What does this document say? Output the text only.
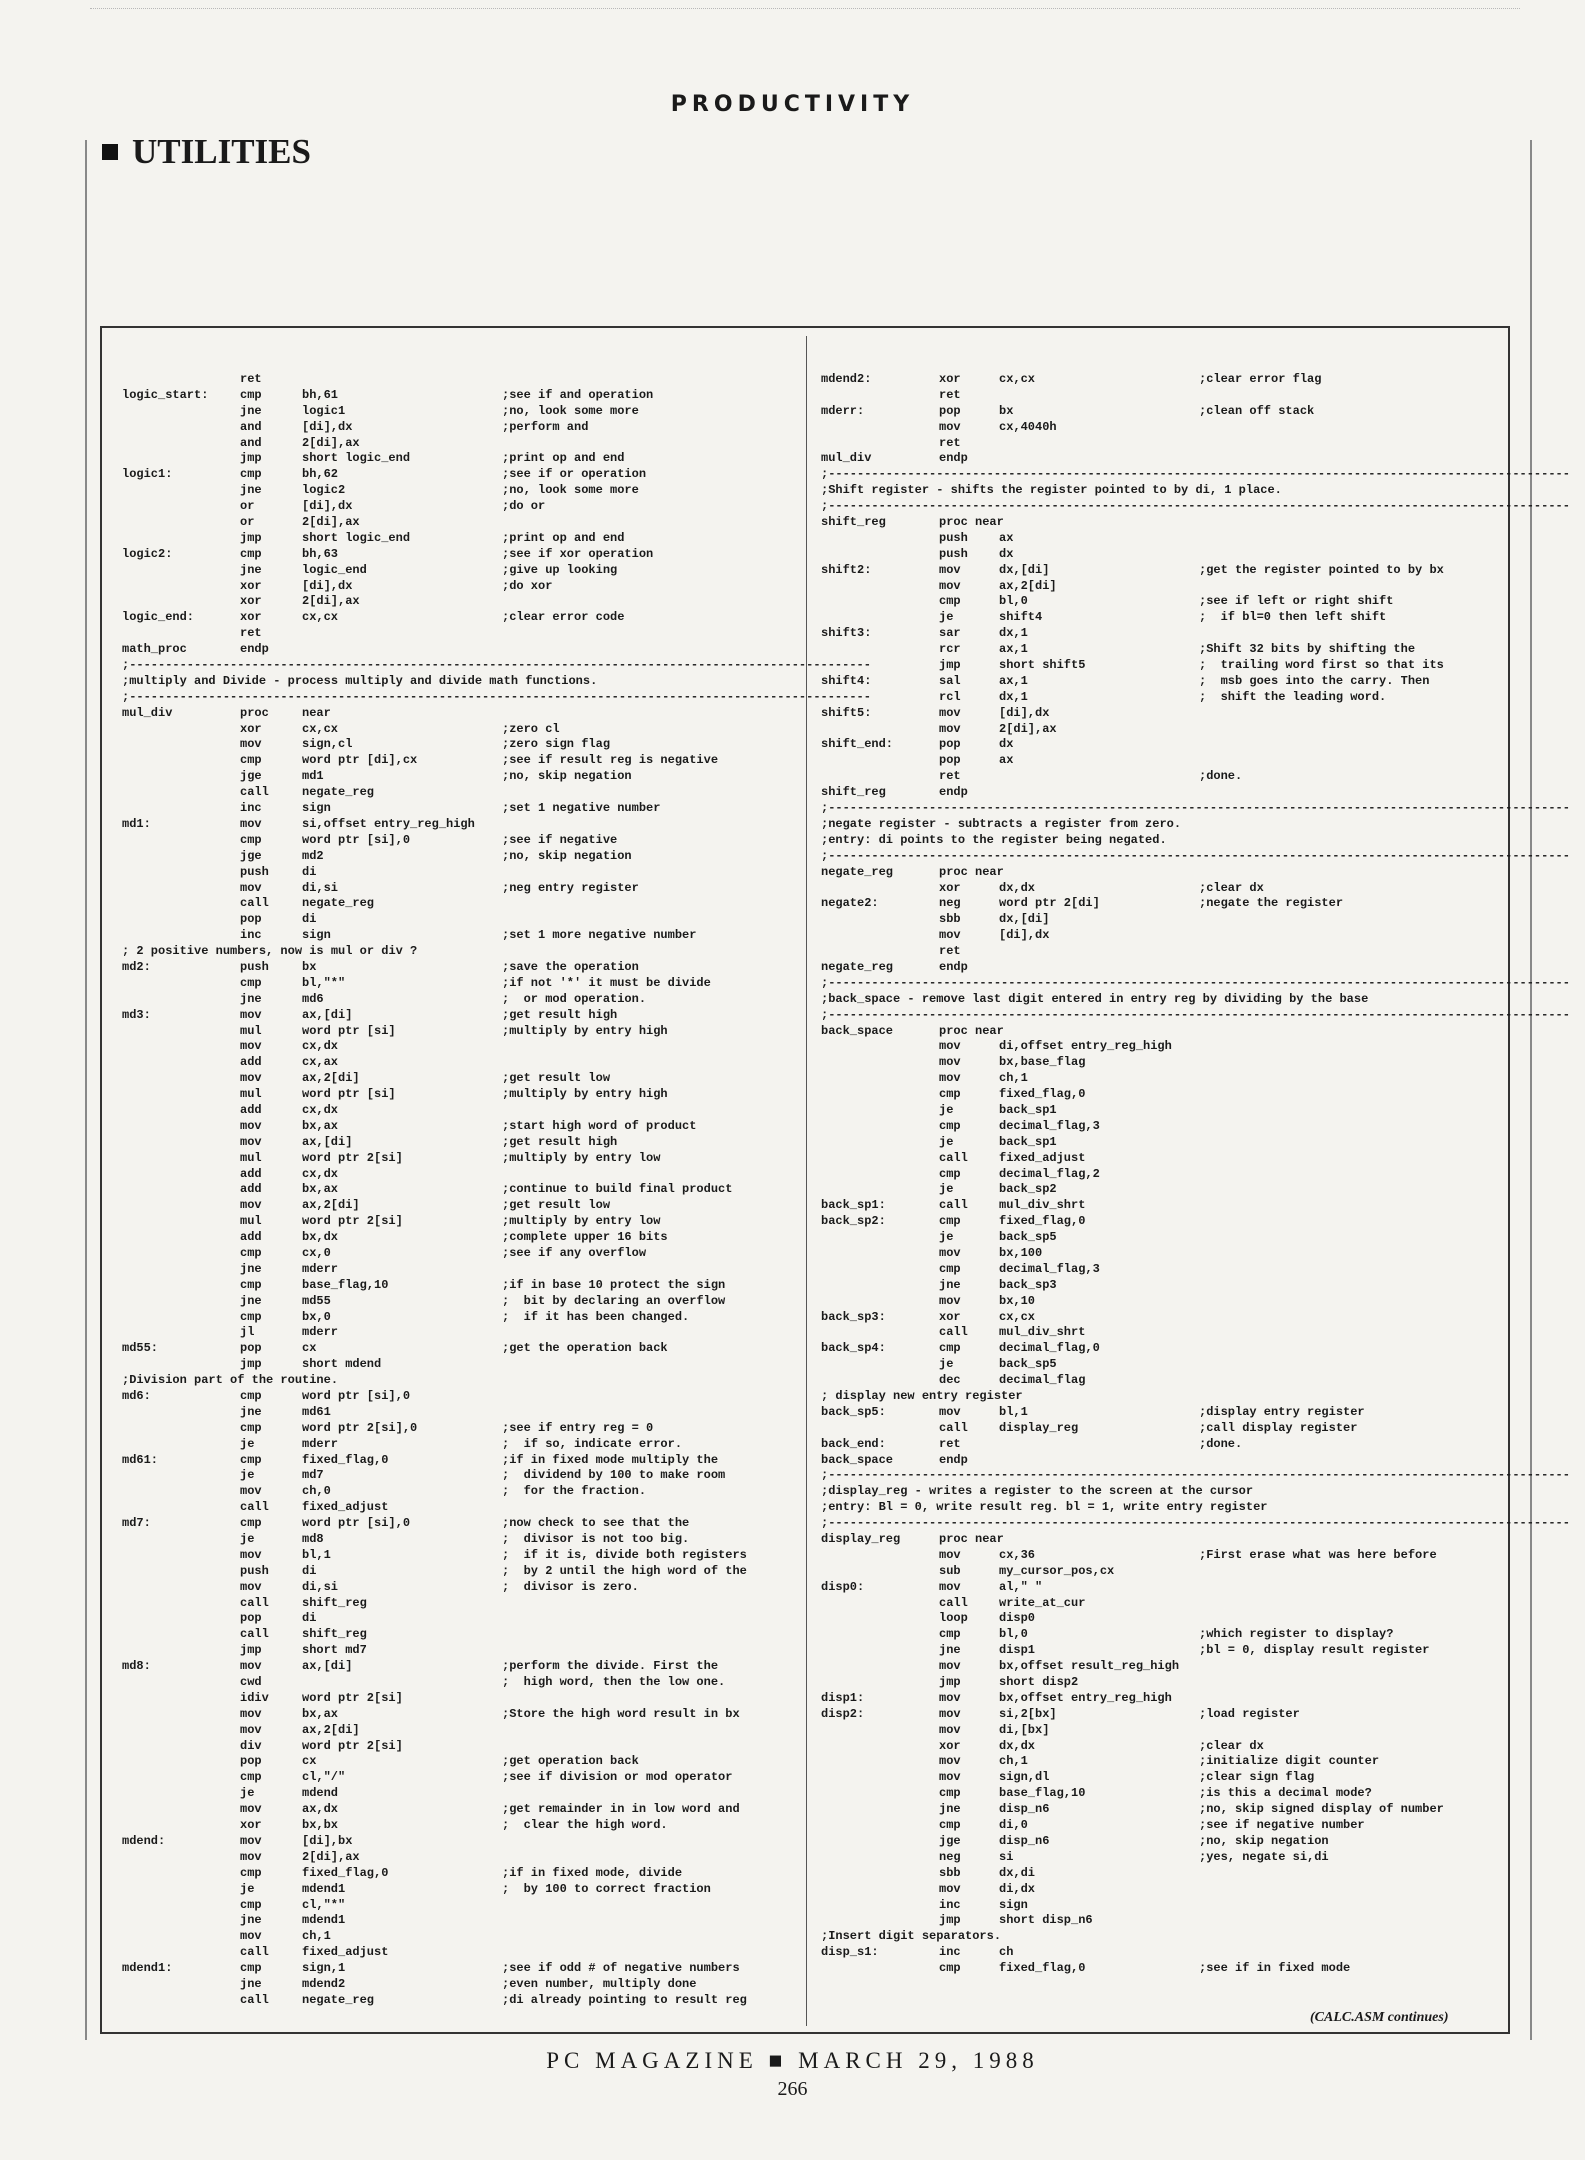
PRODUCTIVITY
UTILITIES
ret
logic_start:	cmp	bh,61	;see if and operation
jne	logic1	;no, look some more
and	[di],dx	;perform and
and	2[di],ax
jmp	short logic_end	;print op and end
logic1:	cmp	bh,62	;see if or operation
jne	logic2	;no, look some more
or	[di],dx	;do or
or	2[di],ax
jmp	short logic_end	;print op and end
logic2:	cmp	bh,63	;see if xor operation
jne	logic_end	;give up looking
xor	[di],dx	;do xor
xor	2[di],ax
logic_end:	xor	cx,cx	;clear error code
ret
math_proc	endp
;-------------------------------------------------------------------------------------------------------
;multiply and Divide - process multiply and divide math functions.
;-------------------------------------------------------------------------------------------------------
mul_div	proc	near
xor	cx,cx	;zero cl
mov	sign,cl	;zero sign flag
cmp	word ptr [di],cx	;see if result reg is negative
jge	md1	;no, skip negation
call	negate_reg
inc	sign	;set 1 negative number
md1:	mov	si,offset entry_reg_high
cmp	word ptr [si],0	;see if negative
jge	md2	;no, skip negation
push	di
mov	di,si	;neg entry register
call	negate_reg
pop	di
inc	sign	;set 1 more negative number
; 2 positive numbers, now is mul or div ?
md2:	push	bx	;save the operation
cmp	bl,"*"	;if not '*' it must be divide
jne	md6	;  or mod operation.
md3:	mov	ax,[di]	;get result high
mul	word ptr [si]	;multiply by entry high
mov	cx,dx
add	cx,ax
mov	ax,2[di]	;get result low
mul	word ptr [si]	;multiply by entry high
add	cx,dx
mov	bx,ax	;start high word of product
mov	ax,[di]	;get result high
mul	word ptr 2[si]	;multiply by entry low
add	cx,dx
add	bx,ax	;continue to build final product
mov	ax,2[di]	;get result low
mul	word ptr 2[si]	;multiply by entry low
add	bx,dx	;complete upper 16 bits
cmp	cx,0	;see if any overflow
jne	mderr
cmp	base_flag,10	;if in base 10 protect the sign
jne	md55	;  bit by declaring an overflow
cmp	bx,0	;  if it has been changed.
jl	mderr
md55:	pop	cx	;get the operation back
jmp	short mdend
;Division part of the routine.
md6:	cmp	word ptr [si],0
jne	md61
cmp	word ptr 2[si],0	;see if entry reg = 0
je	mderr	;  if so, indicate error.
md61:	cmp	fixed_flag,0	;if in fixed mode multiply the
je	md7	;  dividend by 100 to make room
mov	ch,0	;  for the fraction.
call	fixed_adjust
md7:	cmp	word ptr [si],0	;now check to see that the
je	md8	;  divisor is not too big.
mov	bl,1	;  if it is, divide both registers
push	di	;  by 2 until the high word of the
mov	di,si	;  divisor is zero.
call	shift_reg
pop	di
call	shift_reg
jmp	short md7
md8:	mov	ax,[di]	;perform the divide. First the
cwd	;  high word, then the low one.
idiv	word ptr 2[si]
mov	bx,ax	;Store the high word result in bx
mov	ax,2[di]
div	word ptr 2[si]
pop	cx	;get operation back
cmp	cl,"/"	;see if division or mod operator
je	mdend
mov	ax,dx	;get remainder in in low word and
xor	bx,bx	;  clear the high word.
mdend:	mov	[di],bx
mov	2[di],ax
cmp	fixed_flag,0	;if in fixed mode, divide
je	mdend1	;  by 100 to correct fraction
cmp	cl,"*"
jne	mdend1
mov	ch,1
call	fixed_adjust
mdend1:	cmp	sign,1	;see if odd # of negative numbers
jne	mdend2	;even number, multiply done
call	negate_reg	;di already pointing to result reg
mdend2:	xor	cx,cx	;clear error flag
ret
mderr:	pop	bx	;clean off stack
mov	cx,4040h
ret
mul_div	endp
;-------------------------------------------------------------------------------------------------------
;Shift register - shifts the register pointed to by di, 1 place.
;-------------------------------------------------------------------------------------------------------
shift_reg	proc near
push	ax
push	dx
shift2:	mov	dx,[di]	;get the register pointed to by bx
mov	ax,2[di]
cmp	bl,0	;see if left or right shift
je	shift4	;  if bl=0 then left shift
shift3:	sar	dx,1
rcr	ax,1	;Shift 32 bits by shifting the
jmp	short shift5	;  trailing word first so that its
shift4:	sal	ax,1	;  msb goes into the carry. Then
rcl	dx,1	;  shift the leading word.
shift5:	mov	[di],dx
mov	2[di],ax
shift_end:	pop	dx
pop	ax
ret	;done.
shift_reg	endp
;-------------------------------------------------------------------------------------------------------
;negate register - subtracts a register from zero.
;entry: di points to the register being negated.
;-------------------------------------------------------------------------------------------------------
negate_reg	proc near
xor	dx,dx	;clear dx
negate2:	neg	word ptr 2[di]	;negate the register
sbb	dx,[di]
mov	[di],dx
ret
negate_reg	endp
;-------------------------------------------------------------------------------------------------------
;back_space - remove last digit entered in entry reg by dividing by the base
;-------------------------------------------------------------------------------------------------------
back_space	proc near
mov	di,offset entry_reg_high
mov	bx,base_flag
mov	ch,1
cmp	fixed_flag,0
je	back_sp1
cmp	decimal_flag,3
je	back_sp1
call	fixed_adjust
cmp	decimal_flag,2
je	back_sp2
back_sp1:	call	mul_div_shrt
back_sp2:	cmp	fixed_flag,0
je	back_sp5
mov	bx,100
cmp	decimal_flag,3
jne	back_sp3
mov	bx,10
back_sp3:	xor	cx,cx
call	mul_div_shrt
back_sp4:	cmp	decimal_flag,0
je	back_sp5
dec	decimal_flag
; display new entry register
back_sp5:	mov	bl,1	;display entry register
call	display_reg	;call display register
back_end:	ret	;done.
back_space	endp
;-------------------------------------------------------------------------------------------------------
;display_reg - writes a register to the screen at the cursor
;entry: Bl = 0, write result reg. bl = 1, write entry register
;-------------------------------------------------------------------------------------------------------
display_reg	proc near
mov	cx,36	;First erase what was here before
sub	my_cursor_pos,cx
disp0:	mov	al," "
call	write_at_cur
loop	disp0
cmp	bl,0	;which register to display?
jne	disp1	;bl = 0, display result register
mov	bx,offset result_reg_high
jmp	short disp2
disp1:	mov	bx,offset entry_reg_high
disp2:	mov	si,2[bx]	;load register
mov	di,[bx]
xor	dx,dx	;clear dx
mov	ch,1	;initialize digit counter
mov	sign,dl	;clear sign flag
cmp	base_flag,10	;is this a decimal mode?
jne	disp_n6	;no, skip signed display of number
cmp	di,0	;see if negative number
jge	disp_n6	;no, skip negation
neg	si	;yes, negate si,di
sbb	dx,di
mov	di,dx
inc	sign
jmp	short disp_n6
;Insert digit separators.
disp_s1:	inc	ch
cmp	fixed_flag,0	;see if in fixed mode
(CALC.ASM continues)
PC MAGAZINE ■ MARCH 29, 1988
266
